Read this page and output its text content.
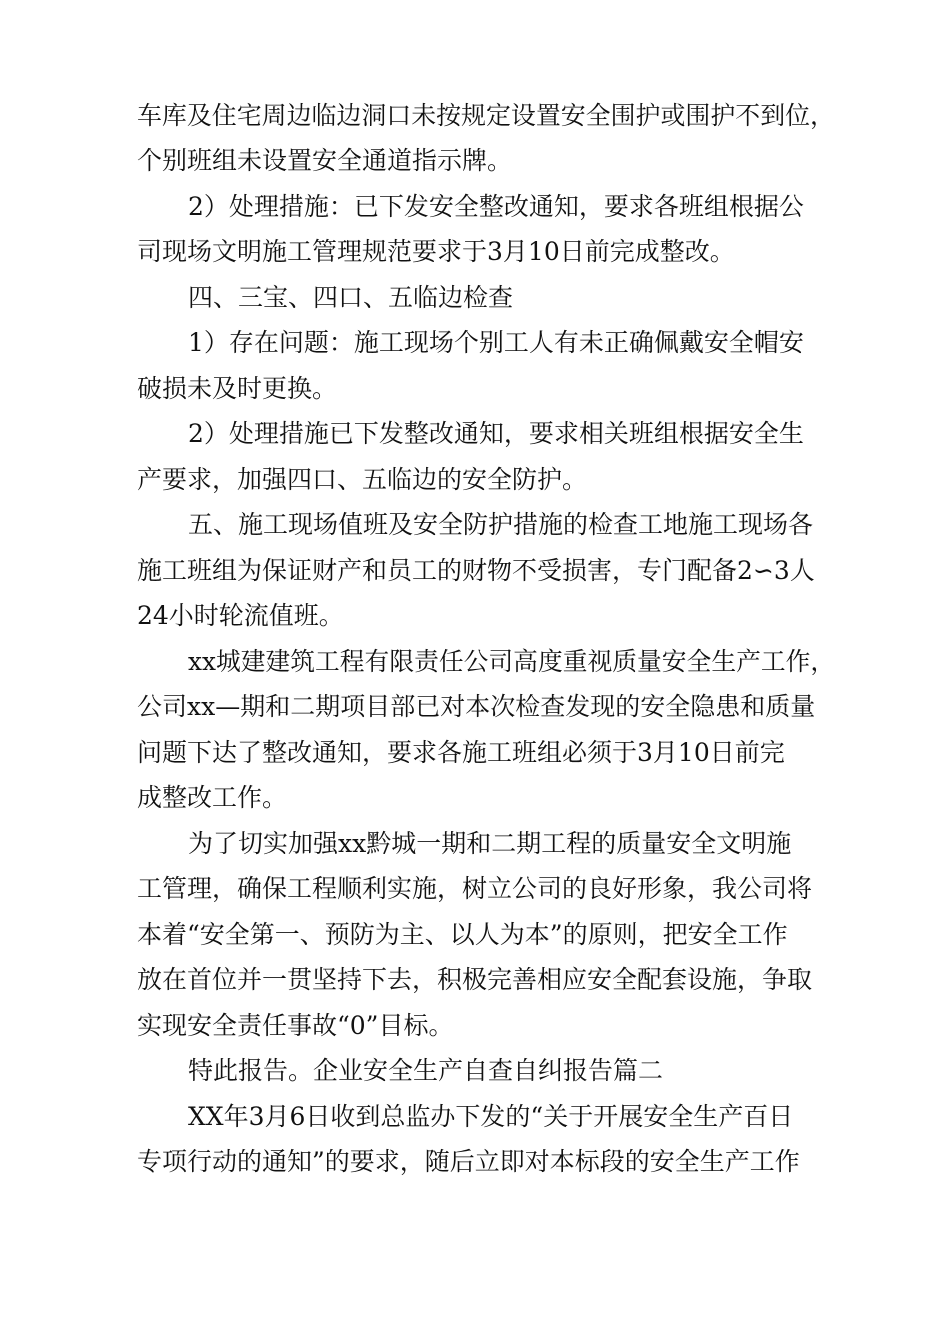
车库及住宅周边临边洞口未按规定设置安全围护或围护不到位，
个别班组未设置安全通道指示牌。
2）处理措施：已下发安全整改通知，要求各班组根据公
司现场文明施工管理规范要求于3月10日前完成整改。
四、三宝、四口、五临边检查
1）存在问题：施工现场个别工人有未正确佩戴安全帽安
破损未及时更换。
2）处理措施已下发整改通知，要求相关班组根据安全生
产要求，加强四口、五临边的安全防护。
五、施工现场值班及安全防护措施的检查工地施工现场各
施工班组为保证财产和员工的财物不受损害，专门配备2∽3人
24小时轮流值班。
xx城建建筑工程有限责任公司高度重视质量安全生产工作，
公司xx—期和二期项目部已对本次检查发现的安全隐患和质量
问题下达了整改通知，要求各施工班组必须于3月10日前完
成整改工作。
为了切实加强xx黔城一期和二期工程的质量安全文明施
工管理，确保工程顺利实施，树立公司的良好形象，我公司将
本着“安全第一、预防为主、以人为本”的原则，把安全工作
放在首位并一贯坚持下去，积极完善相应安全配套设施，争取
实现安全责任事故“0”目标。
特此报告。企业安全生产自查自纠报告篇二
XX年3月6日收到总监办下发的“关于开展安全生产百日
专项行动的通知”的要求，随后立即对本标段的安全生产工作
